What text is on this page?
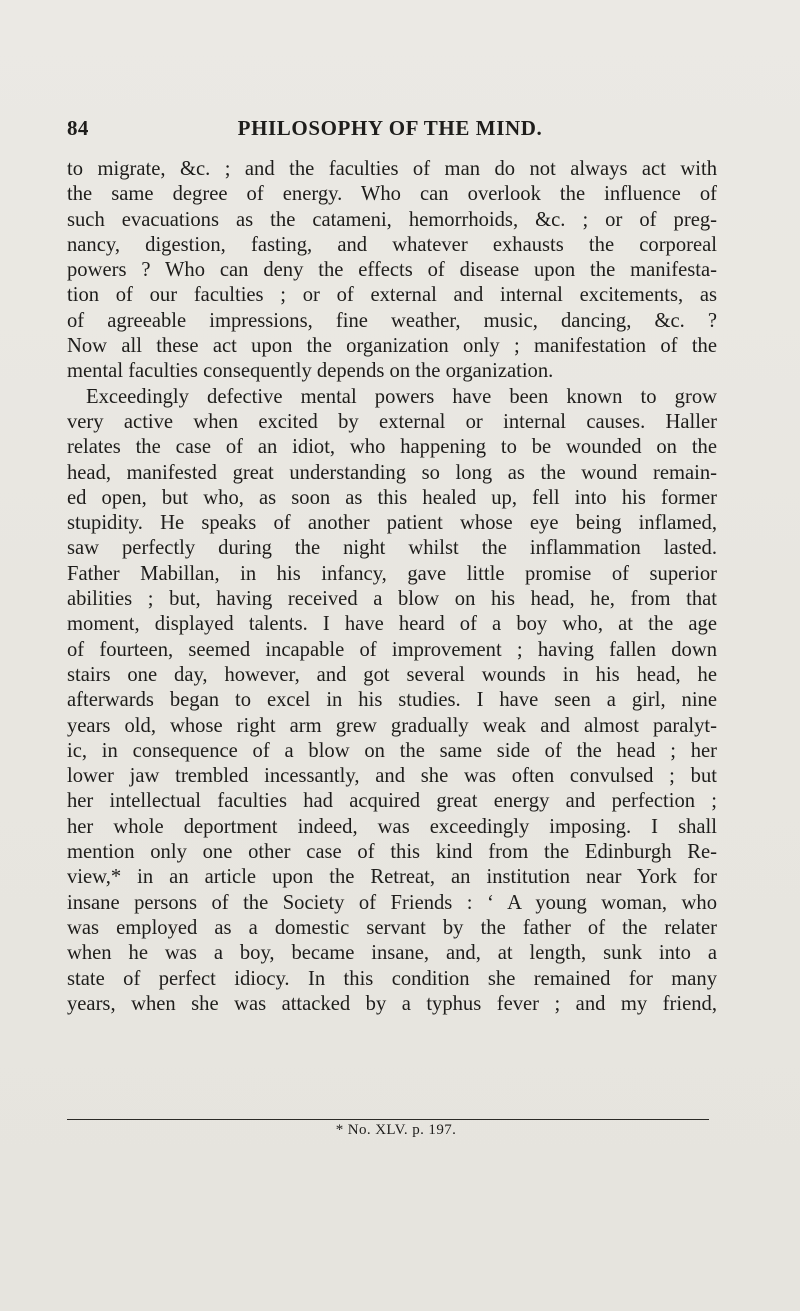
84	PHILOSOPHY OF THE MIND.
to migrate, &c. ; and the faculties of man do not always act with
the same degree of energy. Who can overlook the influence of
such evacuations as the catameni, hemorrhoids, &c. ; or of preg-
nancy, digestion, fasting, and whatever exhausts the corporeal
powers ? Who can deny the effects of disease upon the manifesta-
tion of our faculties ; or of external and internal excitements, as
of agreeable impressions, fine weather, music, dancing, &c. ?
Now all these act upon the organization only ; manifestation of the
mental faculties consequently depends on the organization.
Exceedingly defective mental powers have been known to grow
very active when excited by external or internal causes. Haller
relates the case of an idiot, who happening to be wounded on the
head, manifested great understanding so long as the wound remain-
ed open, but who, as soon as this healed up, fell into his former
stupidity. He speaks of another patient whose eye being inflamed,
saw perfectly during the night whilst the inflammation lasted.
Father Mabillan, in his infancy, gave little promise of superior
abilities ; but, having received a blow on his head, he, from that
moment, displayed talents. I have heard of a boy who, at the age
of fourteen, seemed incapable of improvement ; having fallen down
stairs one day, however, and got several wounds in his head, he
afterwards began to excel in his studies. I have seen a girl, nine
years old, whose right arm grew gradually weak and almost paralyt-
ic, in consequence of a blow on the same side of the head ; her
lower jaw trembled incessantly, and she was often convulsed ; but
her intellectual faculties had acquired great energy and perfection ;
her whole deportment indeed, was exceedingly imposing. I shall
mention only one other case of this kind from the Edinburgh Re-
view,* in an article upon the Retreat, an institution near York for
insane persons of the Society of Friends : ‘ A young woman, who
was employed as a domestic servant by the father of the relater
when he was a boy, became insane, and, at length, sunk into a
state of perfect idiocy. In this condition she remained for many
years, when she was attacked by a typhus fever ; and my friend,
* No. XLV. p. 197.
